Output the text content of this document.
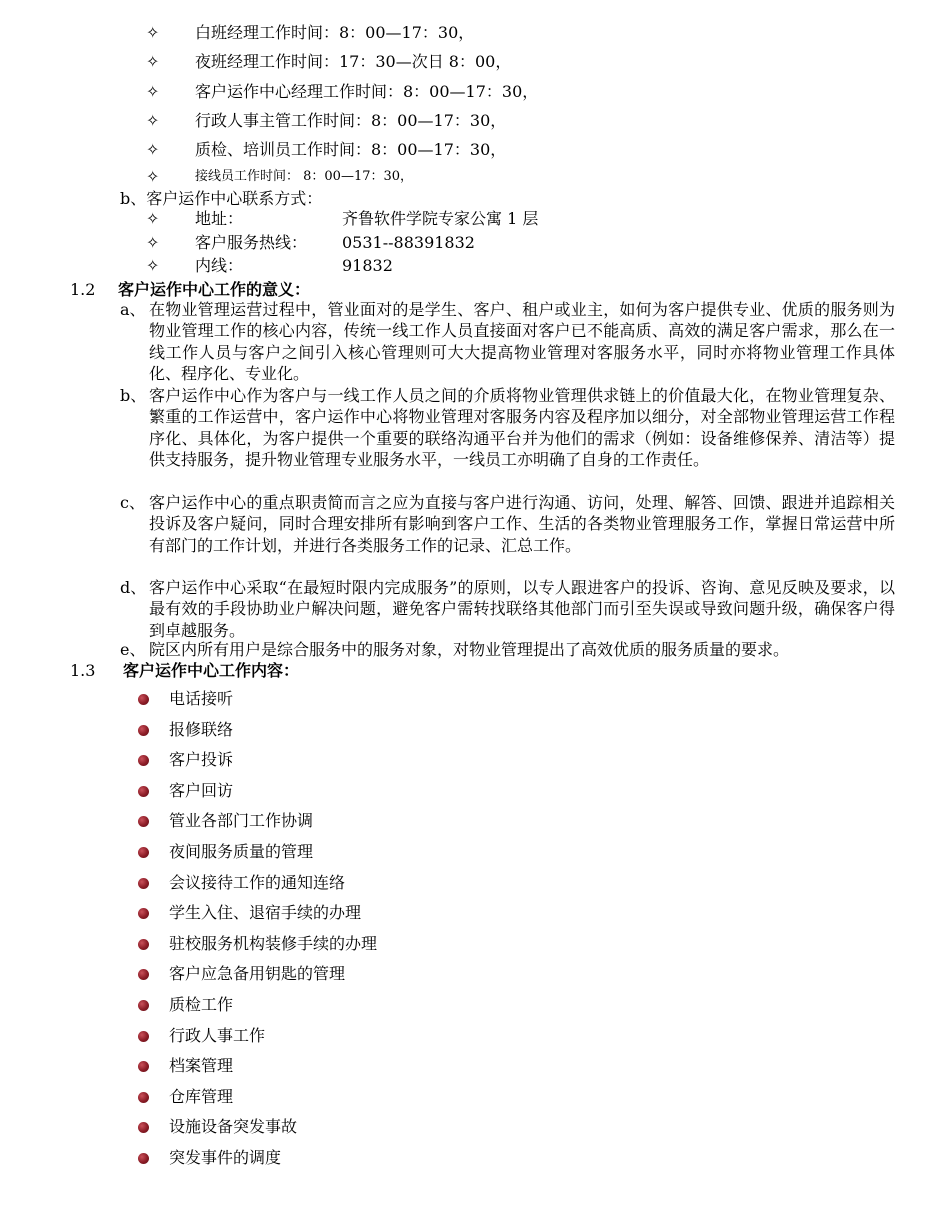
✧ 白班经理工作时间：8：00—17：30，
✧ 夜班经理工作时间：17：30—次日 8：00，
✧ 客户运作中心经理工作时间：8：00—17：30，
✧ 行政人事主管工作时间：8：00—17：30，
✧ 质检、培训员工作时间：8：00—17：30，
✧	接线员工作时间： 8：00—17：30，
b、客户运作中心联系方式：
✧ 地址：	齐鲁软件学院专家公寓 1 层
✧ 客户服务热线： 0531--88391832
✧ 内线：	91832
1.2 客户运作中心工作的意义：
a、 在物业管理运营过程中，管业面对的是学生、客户、租户或业主，如何为客户提供专业、优质的服务则为物业管理工作的核心内容，传统一线工作人员直接面对客户已不能高质、高效的满足客户需求，那么在一线工作人员与客户之间引入核心管理则可大大提高物业管理对客服务水平，同时亦将物业管理工作具体化、程序化、专业化。
b、 客户运作中心作为客户与一线工作人员之间的介质将物业管理供求链上的价值最大化，在物业管理复杂、繁重的工作运营中，客户运作中心将物业管理对客服务内容及程序加以细分，对全部物业管理运营工作程序化、具体化，为客户提供一个重要的联络沟通平台并为他们的需求（例如：设备维修保养、清洁等）提供支持服务，提升物业管理专业服务水平，一线员工亦明确了自身的工作责任。
c、 客户运作中心的重点职责简而言之应为直接与客户进行沟通、访问，处理、解答、回馈、跟进并追踪相关投诉及客户疑问，同时合理安排所有影响到客户工作、生活的各类物业管理服务工作，掌握日常运营中所有部门的工作计划，并进行各类服务工作的记录、汇总工作。
d、 客户运作中心采取“在最短时限内完成服务”的原则，以专人跟进客户的投诉、咨询、意见反映及要求，以最有效的手段协助业户解决问题，避免客户需转找联络其他部门而引至失误或导致问题升级，确保客户得到卓越服务。
e、 院区内所有用户是综合服务中的服务对象，对物业管理提出了高效优质的服务质量的要求。
1.3 客户运作中心工作内容：
电话接听
报修联络
客户投诉
客户回访
管业各部门工作协调
夜间服务质量的管理
会议接待工作的通知连络
学生入住、退宿手续的办理
驻校服务机构装修手续的办理
客户应急备用钥匙的管理
质检工作
行政人事工作
档案管理
仓库管理
设施设备突发事故
突发事件的调度
